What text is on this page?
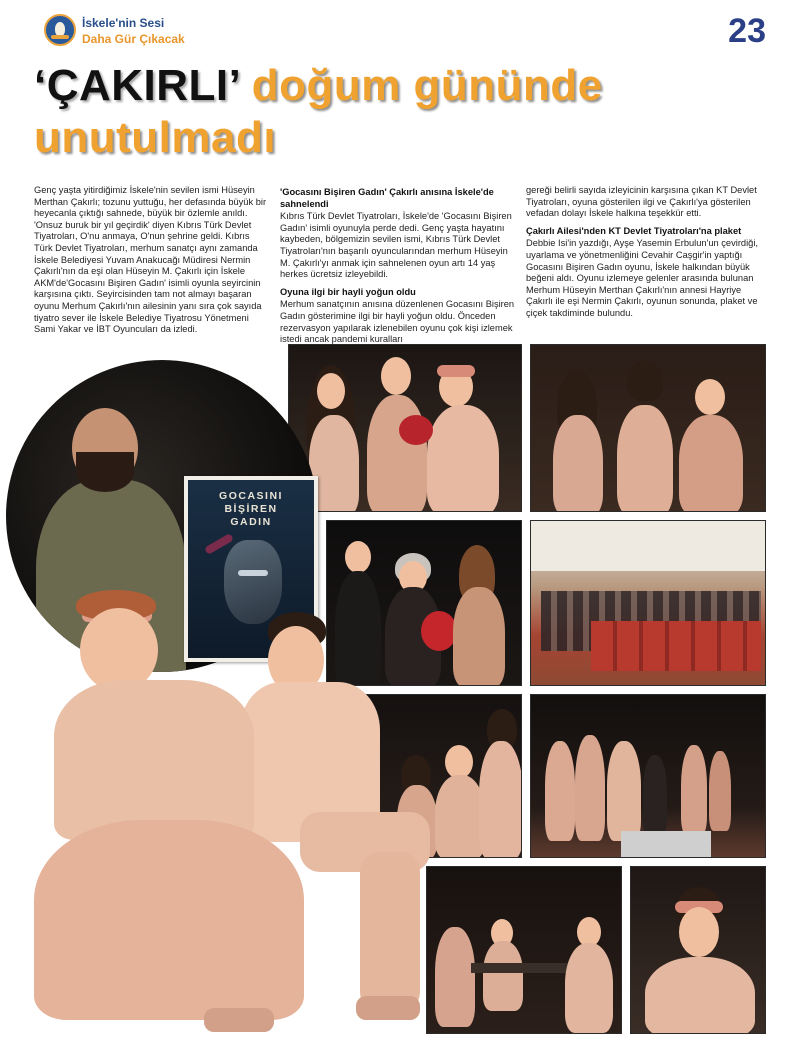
İskele'nin Sesi
Daha Gür Çıkacak	23
‘ÇAKIRLI’ doğum gününde
unutulmadı

Genç yaşta yitirdiğimiz İskele'nin sevilen ismi Hüseyin Merthan Çakırlı; tozunu yuttuğu, her defasında büyük bir heyecanla çıktığı sahnede, büyük bir özlemle anıldı. 'Onsuz buruk bir yıl geçirdik' diyen Kıbrıs Türk Devlet Tiyatroları, O'nu anmaya, O'nun şehrine geldi. Kıbrıs Türk Devlet Tiyatroları, merhum sanatçı aynı zamanda İskele Belediyesi Yuvam Anakucağı Müdiresi Nermin Çakırlı'nın da eşi olan Hüseyin M. Çakırlı için İskele AKM'de'Gocasını Bişiren Gadın' isimli oyunla seyircinin karşısına çıktı. Seyircisinden tam not almayı başaran oyunu Merhum Çakırlı'nın ailesinin yanı sıra çok sayıda tiyatro sever ile İskele Belediye Tiyatrosu Yönetmeni Sami Yakar ve İBT Oyuncuları da izledi.

'Gocasını Bişiren Gadın' Çakırlı anısına İskele'de sahnelendi

Kıbrıs Türk Devlet Tiyatroları, İskele'de 'Gocasını Bişiren Gadın' isimli oyunuyla perde dedi. Genç yaşta hayatını kaybeden, bölgemizin sevilen ismi, Kıbrıs Türk Devlet Tiyatroları'nın başarılı oyuncularından merhum Hüseyin M. Çakırlı'yı anmak için sahnelenen oyun artı 14 yaş herkes ücretsiz izleyebildi.

Oyuna ilgi bir hayli yoğun oldu

Merhum sanatçının anısına düzenlenen Gocasını Bişiren Gadın gösterimine ilgi bir hayli yoğun oldu. Önceden rezervasyon yapılarak izlenebilen oyunu çok kişi izlemek istedi ancak pandemi kuralları

gereği belirli sayıda izleyicinin karşısına çıkan KT Devlet Tiyatroları, oyuna gösterilen ilgi ve Çakırlı'ya gösterilen vefadan dolayı İskele halkına teşekkür etti.

Çakırlı Ailesi'nden KT Devlet Tiyatroları'na plaket

Debbie Isi'in yazdığı, Ayşe Yasemin Erbulun'un çevirdiği, uyarlama ve yönetmenliğini Cevahir Caşgir'in yaptığı Gocasını Bişiren Gadın oyunu, İskele halkından büyük beğeni aldı. Oyunu izlemeye gelenler arasında bulunan Merhum Hüseyin Merthan Çakırlı'nın annesi Hayriye Çakırlı ile eşi Nermin Çakırlı, oyunun sonunda, plaket ve çiçek takdiminde bulundu.

GOCASINI
BİŞİREN
GADIN
